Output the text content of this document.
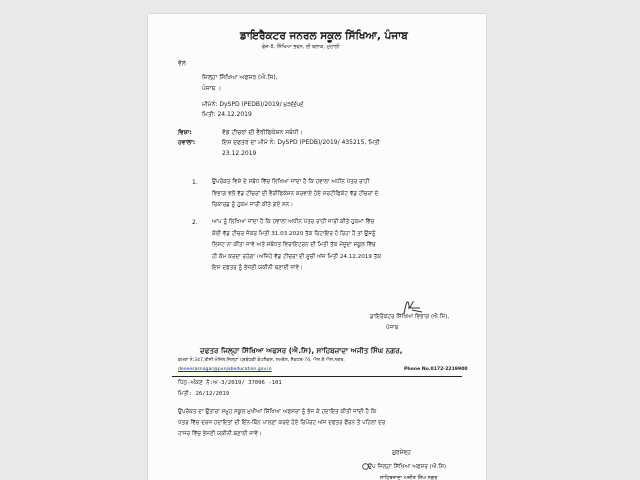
ਡਾਇਰੈਕਟਰ ਜਨਰਲ ਸਕੂਲ ਸਿੱਖਿਆ, ਪੰਜਾਬ
ਫੇਜ਼-8, ਸਿੱਖਿਆ ਭਵਨ, ਈ ਬਲਾਕ, ਮੁਹਾਲੀ
ਵੱਲ
ਜਿਲ੍ਹਾ ਸਿੱਖਿਆ ਅਫਸਰ (ਐ.ਸਿ),
ਪੰਜਾਬ ।
ਮੀਮੋਨੰ: DySPD (PEDB)/2019/ ੪੩੬੬੫੬
ਮਿਤੀ: 24.12.2019
ਵਿਸ਼ਾ:	ਵੱਡ ਟੀਚਰਾਂ ਦੀ ਵੈਰੀਫਿਕੇਸ਼ਨ ਸਬੰਧੀ।
ਹਵਾਲਾ:	ਇਸ ਦਫਤਰ ਦਾ ਮੀਮੋ ਨੰ: DySPD (PEDB)/2019/ 435215, ਮਿਤੀ
23.12.2019
1.	ਉਪਰੋਕਤ ਵਿਸ਼ੇ ਦੇ ਸਬੰਧ ਵਿੱਚ ਲਿਖਿਆ ਜਾਂਦਾ ਹੈ ਕਿ ਹਵਾਲਾ ਅਧੀਨ ਪੱਤਰ ਰਾਹੀਂ
ਵਿਭਾਗ ਵਲੋਂ ਵੱਡ ਟੀਚਰਾਂ ਦੀ ਵੈਰੀਫਿਕੇਸ਼ਨ ਕਰਵਾਏ ਹੋਏ ਸਰਟੀਫਿਕੇਟ ਵੱਡ ਟੀਚਰਾਂ ਦੇ
ਰਿਕਾਰਡ ਨੂੰ ਹੁਕਮ ਜਾਰੀ ਕੀਤੇ ਗਏ ਸਨ।
2.	ਆਪ ਨੂੰ ਲਿਖਿਆ ਜਾਂਦਾ ਹੈ ਕਿ ਹਵਾਲਾ ਅਧੀਨ ਪੱਤਰ ਰਾਹੀਂ ਜਾਰੀ ਕੀਤੇ ਹੁਕਮਾਂ ਵਿੱਚ
ਕੋਈ ਵੱਡ ਟੀਚਰ ਜੋਕਰ ਮਿਤੀ 31.03.2020 ਤੱਕ ਰਿਟਾਇਰ ਹੋ ਰਿਹਾ ਹੈ ਤਾਂ ਉਸਨੂੰ
ਲਿਸਟ ਨਾ ਕੀਤਾ ਜਾਵੇ ਅਤੇ ਸਬੰਧਤ ਵਿਰਾਇਟਰਨ ਦੀ ਮਿਤੀ ਤੱਕ ਮੌਜੂਦਾ ਸਕੂਲ ਵਿੱਚ
ਹੀ ਕੰਮ ਕਰਦਾ ਰਹੇਗਾ।ਅਜਿਹੇ ਵੱਡ ਟੀਚਰਾਂ ਦੀ ਸੂਚੀ ਅੱਜ ਮਿਤੀ 24.12.2019 ਤੱਕ
ਇਸ ਦਫਤਰ ਨੂੰ ਭੇਜਣੀ ਯਕੀਨੀ ਬਣਾਈ ਜਾਵੇ।
ਡਾਇਰੈਕਟਰ ਸਿੱਖਿਆ ਵਿਭਾਗ (ਐ.ਸਿ),
ਪੰਜਾਬ
ਦਫਤਰ ਜਿਲ੍ਹਾ ਸਿੱਖਿਆ ਅਫਸਰ (ਐ.ਸਿ), ਸਾਹਿਬਜ਼ਾਦਾ ਅਜੀਤ ਸਿੰਘ ਨਗਰ,
ਕਮਰਾ ਨੰ:347,ਤੀਜੀ ਮੰਜਿਲ,ਜਿਲ੍ਹਾ ਪ੍ਰਬੰਧਕੀ ਕੰਪਲੈਕਸ, ਸਮਰੋਲ, ਸੈਕਟਰ-76, ਐਸ.ਏ.ਐਸ.ਨਗਰ.
deoeesasnagar@punjabeducation.gov.in	Phone No.0172-2219900
ਪਿੱਠ-ਅੰਕਣ ਨੰ:ਅ-3/2019/ 37096 -101
ਮਿਤੀ: 26/12/2019
ਉਪਰੋਕਤ ਦਾ ਉਤਾਰਾ ਸਮੂਹ ਸਕੂਲ ਮੁਖੀਆਂ ਸਿੱਖਿਆ ਅਫਸਰਾਂ ਨੂੰ ਭੇਜ ਕੇ ਹਦਾਇਤ ਕੀਤੀ ਜਾਂਦੀ ਹੈ ਕਿ
ਪੱਤਰ ਵਿੱਚ ਦਰਜ ਹਦਾਇਤਾਂ ਦੀ ਇੰਨ-ਬਿੰਨ ਪਾਲਣਾ ਕਰਦੇ ਹੋਏ ਰਿਪੋਰਟ ਅੱਜ ਦਫਤਰ ਫੌਰਨ ਤੋਂ ਪਹਿਲਾਂ ਦਰ
ਹਾਜਰ ਵਿੱਚ ਭੇਜਣੀ ਯਕੀਨੀ ਬਣਾਈ ਜਾਵੇ।
ਗੁਰਸੇਵ੍ਹ
ਉਪ ਜਿਲ੍ਹਾ ਸਿੱਖਿਆ ਅਫਸਰ (ਐ.ਸਿ)
ਸਾਹਿਬਜ਼ਾਦਾ ਅਜੀਤ ਸਿੰਘ ਨਗਰ
